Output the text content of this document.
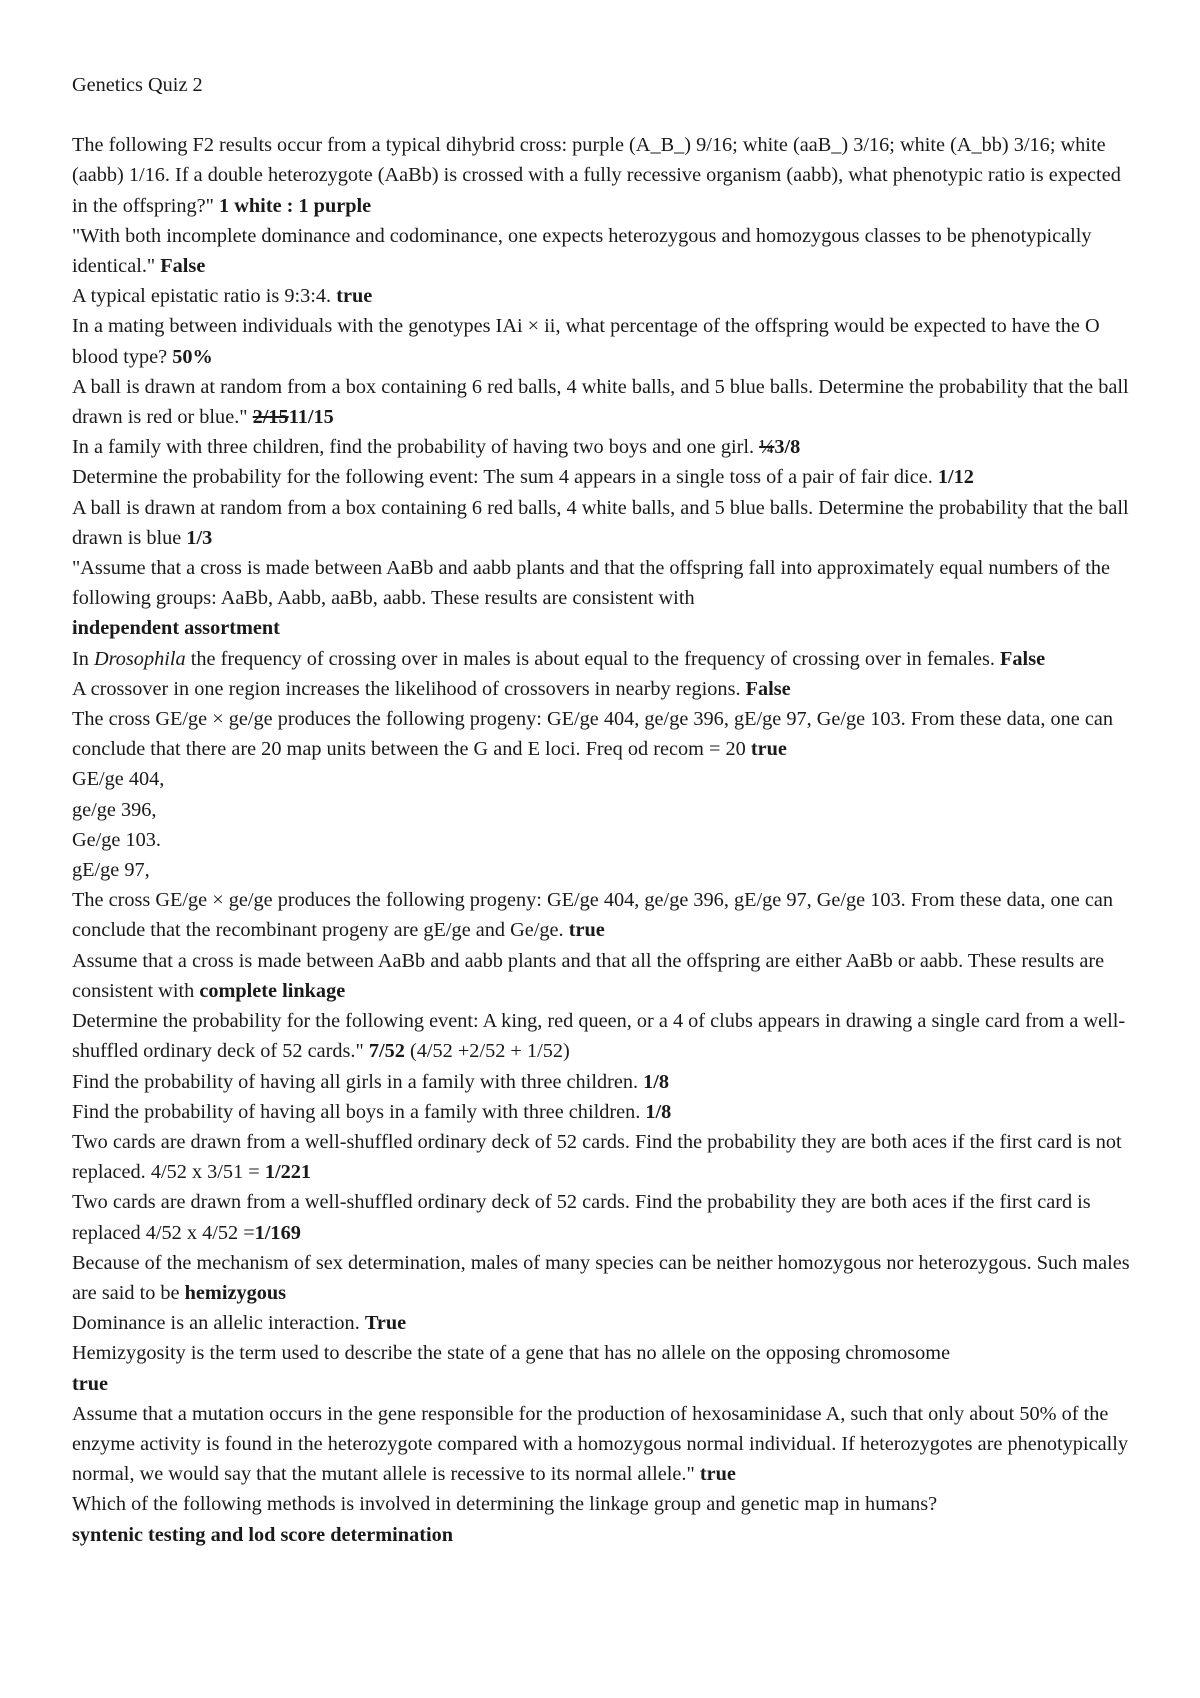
Genetics Quiz 2

The following F2 results occur from a typical dihybrid cross: purple (A_B_) 9/16; white (aaB_) 3/16; white (A_bb) 3/16; white (aabb) 1/16. If a double heterozygote (AaBb) is crossed with a fully recessive organism (aabb), what phenotypic ratio is expected in the offspring?" 1 white : 1 purple

"With both incomplete dominance and codominance, one expects heterozygous and homozygous classes to be phenotypically identical." False

A typical epistatic ratio is 9:3:4. true

In a mating between individuals with the genotypes IAi × ii, what percentage of the offspring would be expected to have the O blood type? 50%

A ball is drawn at random from a box containing 6 red balls, 4 white balls, and 5 blue balls. Determine the probability that the ball drawn is red or blue." 2/1511/15

In a family with three children, find the probability of having two boys and one girl. ¼3/8

Determine the probability for the following event: The sum 4 appears in a single toss of a pair of fair dice. 1/12

A ball is drawn at random from a box containing 6 red balls, 4 white balls, and 5 blue balls. Determine the probability that the ball drawn is blue 1/3

"Assume that a cross is made between AaBb and aabb plants and that the offspring fall into approximately equal numbers of the following groups: AaBb, Aabb, aaBb, aabb. These results are consistent with
independent assortment

In Drosophila the frequency of crossing over in males is about equal to the frequency of crossing over in females. False

A crossover in one region increases the likelihood of crossovers in nearby regions. False

The cross GE/ge × ge/ge produces the following progeny: GE/ge 404, ge/ge 396, gE/ge 97, Ge/ge 103. From these data, one can conclude that there are 20 map units between the G and E loci. Freq od recom = 20 true

GE/ge 404,

ge/ge 396,

Ge/ge 103.

gE/ge 97,

The cross GE/ge × ge/ge produces the following progeny: GE/ge 404, ge/ge 396, gE/ge 97, Ge/ge 103. From these data, one can conclude that the recombinant progeny are gE/ge and Ge/ge. true

Assume that a cross is made between AaBb and aabb plants and that all the offspring are either AaBb or aabb. These results are consistent with complete linkage

Determine the probability for the following event: A king, red queen, or a 4 of clubs appears in drawing a single card from a well-shuffled ordinary deck of 52 cards." 7/52 (4/52 +2/52 + 1/52)

Find the probability of having all girls in a family with three children. 1/8

Find the probability of having all boys in a family with three children. 1/8

Two cards are drawn from a well-shuffled ordinary deck of 52 cards. Find the probability they are both aces if the first card is not replaced. 4/52 x 3/51 = 1/221

Two cards are drawn from a well-shuffled ordinary deck of 52 cards. Find the probability they are both aces if the first card is replaced 4/52 x 4/52 =1/169

Because of the mechanism of sex determination, males of many species can be neither homozygous nor heterozygous. Such males are said to be hemizygous

Dominance is an allelic interaction. True

Hemizygosity is the term used to describe the state of a gene that has no allele on the opposing chromosome
true

Assume that a mutation occurs in the gene responsible for the production of hexosaminidase A, such that only about 50% of the enzyme activity is found in the heterozygote compared with a homozygous normal individual. If heterozygotes are phenotypically normal, we would say that the mutant allele is recessive to its normal allele." true

Which of the following methods is involved in determining the linkage group and genetic map in humans?
syntenic testing and lod score determination
